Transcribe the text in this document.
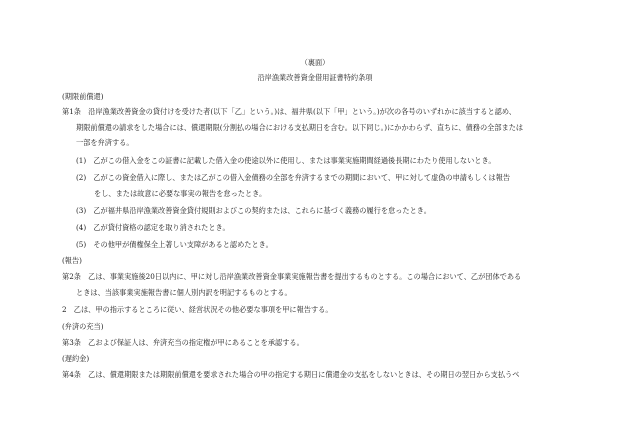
（裏面）
沿岸漁業改善資金借用証書特約条項
(期限前償還)
第1条　沿岸漁業改善資金の貸付けを受けた者(以下「乙」という。)は、福井県(以下「甲」という。)が次の各号のいずれかに該当すると認め、
期限前償還の請求をした場合には、償還期限(分割払の場合における支払期日を含む。以下同じ。)にかかわらず、直ちに、債務の全部または
一部を弁済する。
(1)　乙がこの借入金をこの証書に記載した借入金の使途以外に使用し、または事業実施期間経過後長期にわたり使用しないとき。
(2)　乙がこの資金借入に際し、または乙がこの借入金債務の全部を弁済するまでの期間において、甲に対して虚偽の申請もしくは報告
をし、または故意に必要な事実の報告を怠ったとき。
(3)　乙が福井県沿岸漁業改善資金貸付規則およびこの契約または、これらに基づく義務の履行を怠ったとき。
(4)　乙が貸付資格の認定を取り消されたとき。
(5)　その他甲が債権保全上著しい支障があると認めたとき。
(報告)
第2条　乙は、事業実施後20日以内に、甲に対し沿岸漁業改善資金事業実施報告書を提出するものとする。この場合において、乙が団体である
ときは、当該事業実施報告書に個人別内訳を明記するものとする。
2　乙は、甲の指示するところに従い、経営状況その他必要な事項を甲に報告する。
(弁済の充当)
第3条　乙および保証人は、弁済充当の指定権が甲にあることを承認する。
(遅約金)
第4条　乙は、償還期限または期限前償還を要求された場合の甲の指定する期日に償還金の支払をしないときは、その期日の翌日から支払うべ
